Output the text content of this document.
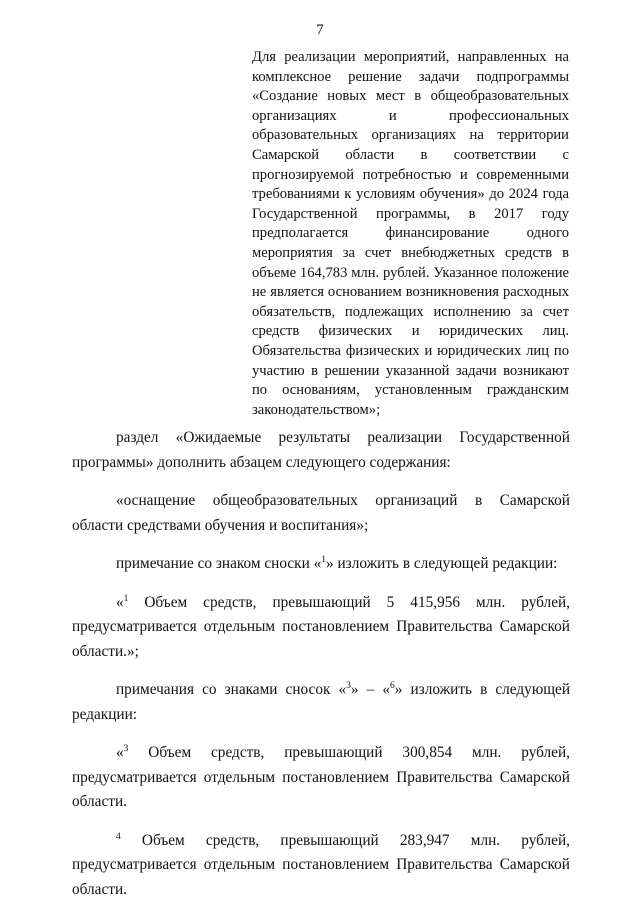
7

Для реализации мероприятий, направленных на комплексное решение задачи подпрограммы «Создание новых мест в общеобразовательных организациях и профессиональных образовательных организациях на территории Самарской области в соответствии с прогнозируемой потребностью и современными требованиями к условиям обучения» до 2024 года Государственной программы, в 2017 году предполагается финансирование одного мероприятия за счет внебюджетных средств в объеме 164,783 млн. рублей. Указанное положение не является основанием возникновения расходных обязательств, подлежащих исполнению за счет средств физических и юридических лиц. Обязательства физических и юридических лиц по участию в решении указанной задачи возникают по основаниям, установленным гражданским законодательством»;

раздел «Ожидаемые результаты реализации Государственной программы» дополнить абзацем следующего содержания:

«оснащение общеобразовательных организаций в Самарской области средствами обучения и воспитания»;

примечание со знаком сноски «$^1$» изложить в следующей редакции:

«$^1$ Объем средств, превышающий 5 415,956 млн. рублей, предусматривается отдельным постановлением Правительства Самарской области.»;

примечания со знаками сносок «$^3$» – «$^6$» изложить в следующей редакции:

«$^3$ Объем средств, превышающий 300,854 млн. рублей, предусматривается отдельным постановлением Правительства Самарской области.

$^4$ Объем средств, превышающий 283,947 млн. рублей, предусматривается отдельным постановлением Правительства Самарской области.
